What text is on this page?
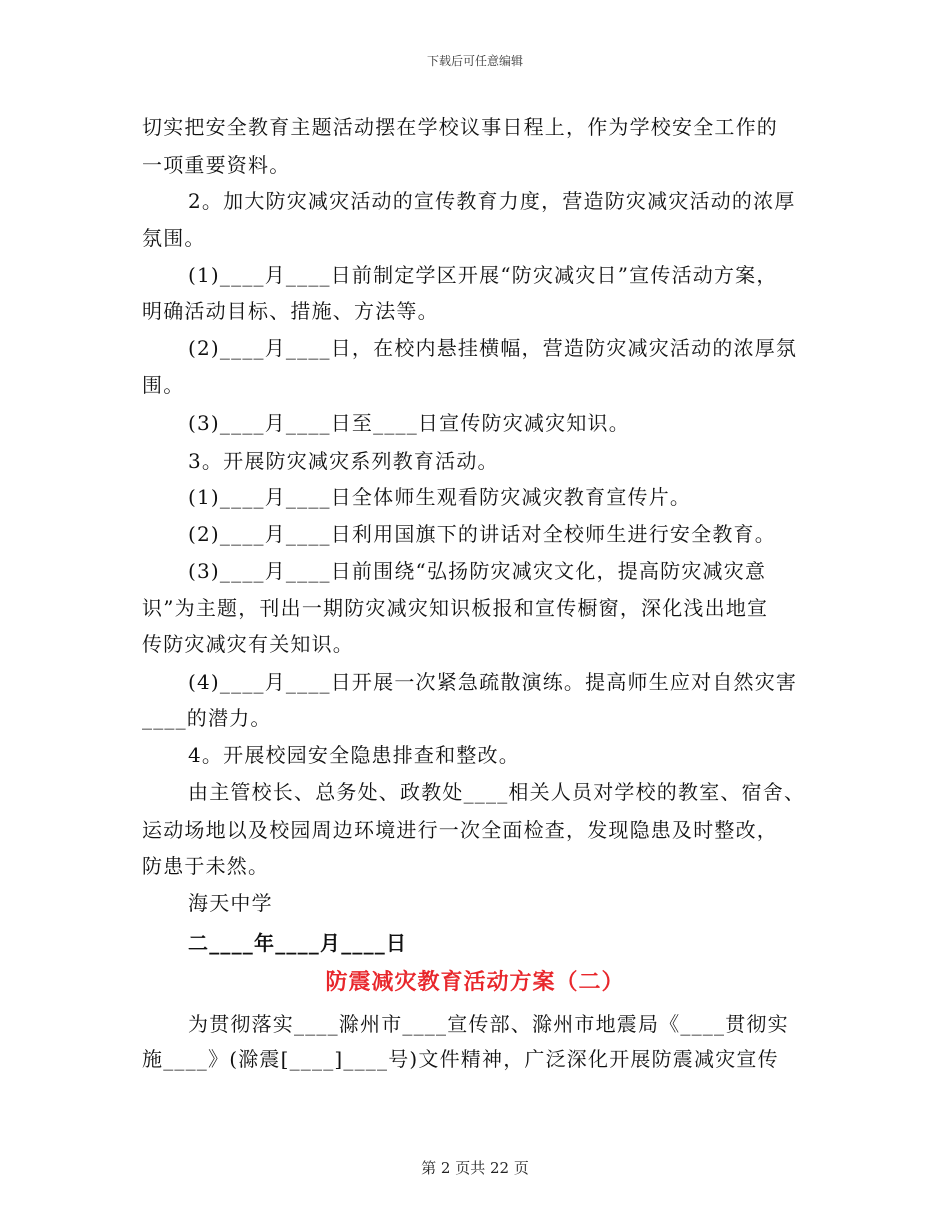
下载后可任意编辑
切实把安全教育主题活动摆在学校议事日程上，作为学校安全工作的
一项重要资料。
2。加大防灾减灾活动的宣传教育力度，营造防灾减灾活动的浓厚
氛围。
(1)____月____日前制定学区开展“防灾减灾日”宣传活动方案，
明确活动目标、措施、方法等。
(2)____月____日，在校内悬挂横幅，营造防灾减灾活动的浓厚氛
围。
(3)____月____日至____日宣传防灾减灾知识。
3。开展防灾减灾系列教育活动。
(1)____月____日全体师生观看防灾减灾教育宣传片。
(2)____月____日利用国旗下的讲话对全校师生进行安全教育。
(3)____月____日前围绕“弘扬防灾减灾文化，提高防灾减灾意
识”为主题，刊出一期防灾减灾知识板报和宣传橱窗，深化浅出地宣
传防灾减灾有关知识。
(4)____月____日开展一次紧急疏散演练。提高师生应对自然灾害
____的潜力。
4。开展校园安全隐患排查和整改。
由主管校长、总务处、政教处____相关人员对学校的教室、宿舍、
运动场地以及校园周边环境进行一次全面检查，发现隐患及时整改，
防患于未然。
海天中学
二____年____月____日
防震减灾教育活动方案（二）
为贯彻落实____滁州市____宣传部、滁州市地震局《____贯彻实
施____》(滁震[____]____号)文件精神，广泛深化开展防震减灾宣传
第 2 页共 22 页
